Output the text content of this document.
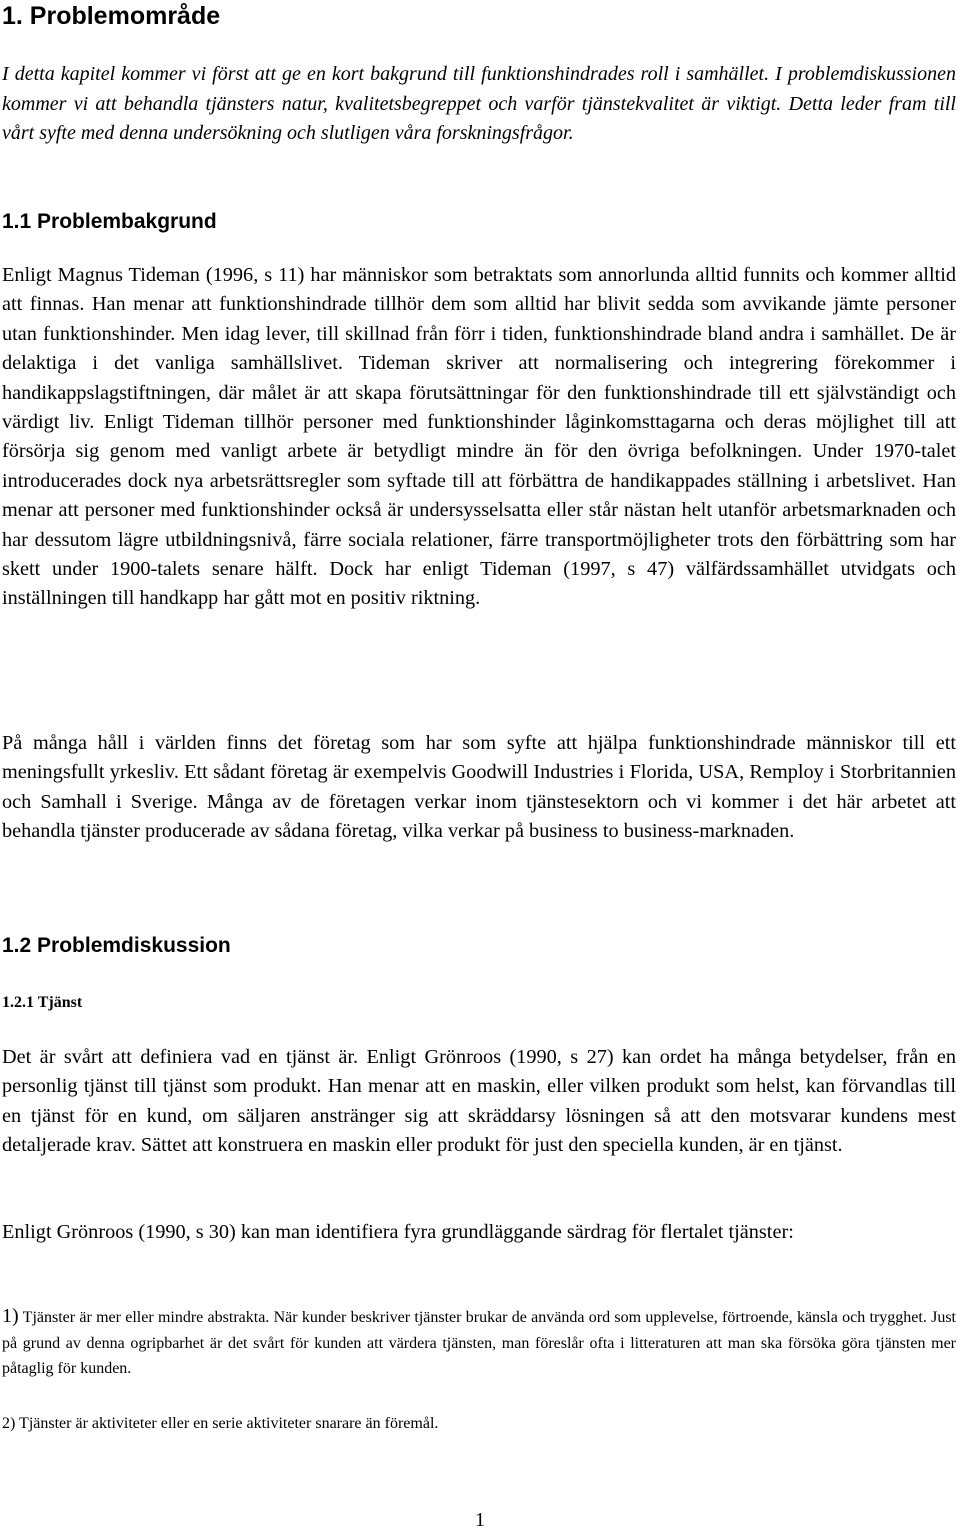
1. Problemområde

I detta kapitel kommer vi först att ge en kort bakgrund till funktionshindrades roll i samhället. I problemdiskussionen kommer vi att behandla tjänsters natur, kvalitetsbegreppet och varför tjänstekvalitet är viktigt. Detta leder fram till vårt syfte med denna undersökning och slutligen våra forskningsfrågor.

1.1 Problembakgrund

Enligt Magnus Tideman (1996, s 11) har människor som betraktats som annorlunda alltid funnits och kommer alltid att finnas. Han menar att funktionshindrade tillhör dem som alltid har blivit sedda som avvikande jämte personer utan funktionshinder. Men idag lever, till skillnad från förr i tiden, funktionshindrade bland andra i samhället. De är delaktiga i det vanliga samhällslivet. Tideman skriver att normalisering och integrering förekommer i handikappslagstiftningen, där målet är att skapa förutsättningar för den funktionshindrade till ett självständigt och värdigt liv. Enligt Tideman tillhör personer med funktionshinder låginkomsttagarna och deras möjlighet till att försörja sig genom med vanligt arbete är betydligt mindre än för den övriga befolkningen. Under 1970-talet introducerades dock nya arbetsrättsregler som syftade till att förbättra de handikappades ställning i arbetslivet. Han menar att personer med funktionshinder också är undersysselsatta eller står nästan helt utanför arbetsmarknaden och har dessutom lägre utbildningsnivå, färre sociala relationer, färre transportmöjligheter trots den förbättring som har skett under 1900-talets senare hälft. Dock har enligt Tideman (1997, s 47) välfärdssamhället utvidgats och inställningen till handkapp har gått mot en positiv riktning.

På många håll i världen finns det företag som har som syfte att hjälpa funktionshindrade människor till ett meningsfullt yrkesliv. Ett sådant företag är exempelvis Goodwill Industries i Florida, USA, Remploy i Storbritannien och Samhall i Sverige. Många av de företagen verkar inom tjänstesektorn och vi kommer i det här arbetet att behandla tjänster producerade av sådana företag, vilka verkar på business to business-marknaden.

1.2 Problemdiskussion
1.2.1 Tjänst

Det är svårt att definiera vad en tjänst är. Enligt Grönroos (1990, s 27) kan ordet ha många betydelser, från en personlig tjänst till tjänst som produkt. Han menar att en maskin, eller vilken produkt som helst, kan förvandlas till en tjänst för en kund, om säljaren anstränger sig att skräddarsy lösningen så att den motsvarar kundens mest detaljerade krav. Sättet att konstruera en maskin eller produkt för just den speciella kunden, är en tjänst.

Enligt Grönroos (1990, s 30) kan man identifiera fyra grundläggande särdrag för flertalet tjänster:

1) Tjänster är mer eller mindre abstrakta. När kunder beskriver tjänster brukar de använda ord som upplevelse, förtroende, känsla och trygghet. Just på grund av denna ogripbarhet är det svårt för kunden att värdera tjänsten, man föreslår ofta i litteraturen att man ska försöka göra tjänsten mer påtaglig för kunden.
2) Tjänster är aktiviteter eller en serie aktiviteter snarare än föremål.
1
